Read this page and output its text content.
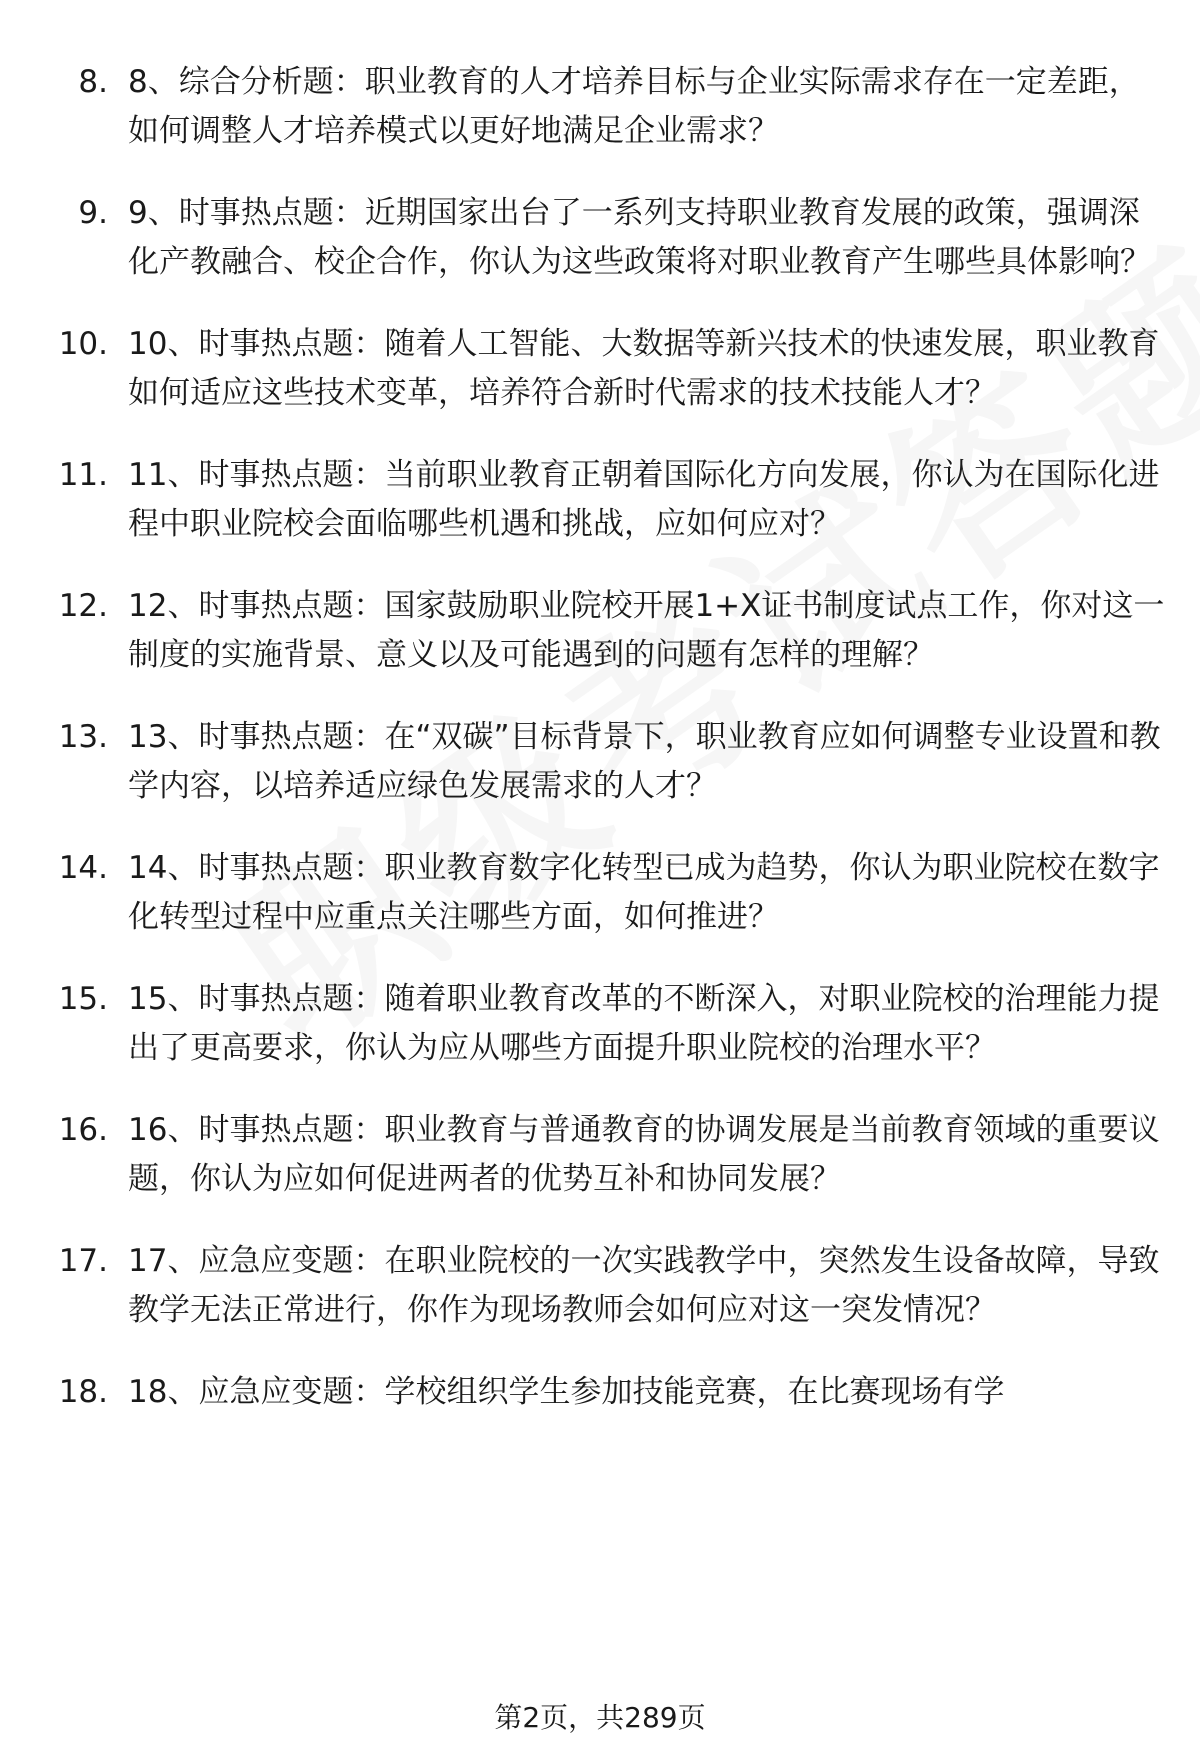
8. 8、综合分析题：职业教育的人才培养目标与企业实际需求存在一定差距，如何调整人才培养模式以更好地满足企业需求？
9. 9、时事热点题：近期国家出台了一系列支持职业教育发展的政策，强调深化产教融合、校企合作，你认为这些政策将对职业教育产生哪些具体影响？
10. 10、时事热点题：随着人工智能、大数据等新兴技术的快速发展，职业教育如何适应这些技术变革，培养符合新时代需求的技术技能人才？
11. 11、时事热点题：当前职业教育正朝着国际化方向发展，你认为在国际化进程中职业院校会面临哪些机遇和挑战，应如何应对？
12. 12、时事热点题：国家鼓励职业院校开展1+X证书制度试点工作，你对这一制度的实施背景、意义以及可能遇到的问题有怎样的理解？
13. 13、时事热点题：在“双碳”目标背景下，职业教育应如何调整专业设置和教学内容，以培养适应绿色发展需求的人才？
14. 14、时事热点题：职业教育数字化转型已成为趋势，你认为职业院校在数字化转型过程中应重点关注哪些方面，如何推进？
15. 15、时事热点题：随着职业教育改革的不断深入，对职业院校的治理能力提出了更高要求，你认为应从哪些方面提升职业院校的治理水平？
16. 16、时事热点题：职业教育与普通教育的协调发展是当前教育领域的重要议题，你认为应如何促进两者的优势互补和协同发展？
17. 17、应急应变题：在职业院校的一次实践教学中，突然发生设备故障，导致教学无法正常进行，你作为现场教师会如何应对这一突发情况？
18. 18、应急应变题：学校组织学生参加技能竞赛，在比赛现场有学
第2页，共289页
